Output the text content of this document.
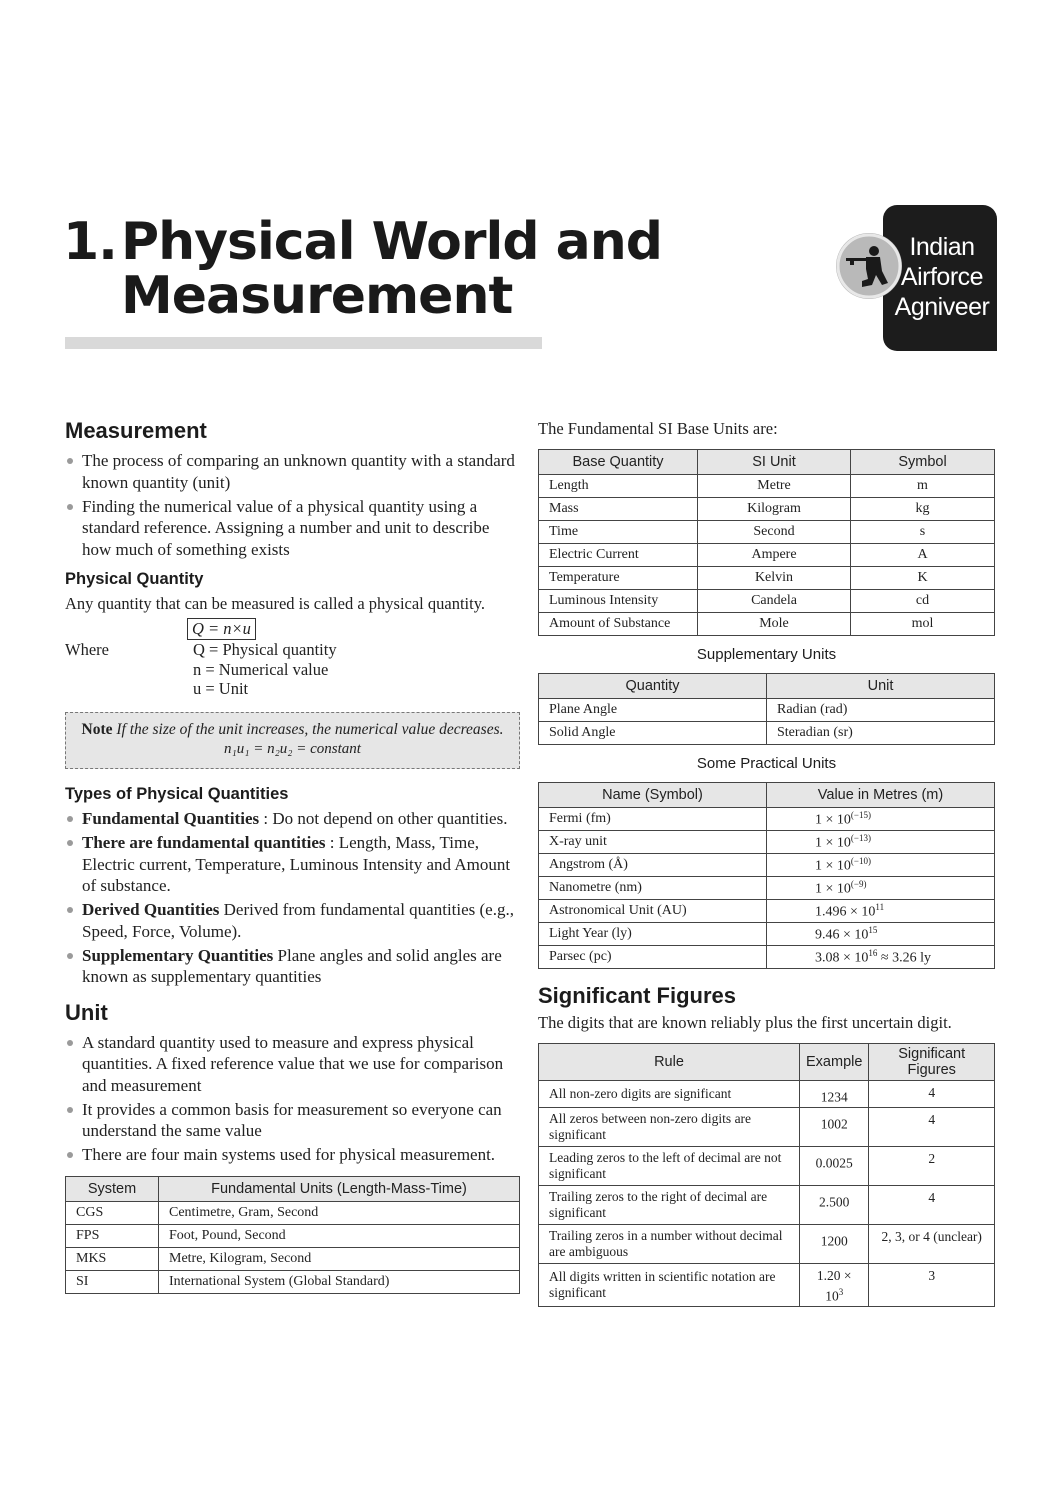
1.Physical World and
Measurement
Indian
Airforce
Agniveer
Measurement
The process of comparing an unknown quantity with a standard known quantity (unit)
Finding the numerical value of a physical quantity using a standard reference. Assigning a number and unit to describe how much of something exists
Physical Quantity

Any quantity that can be measured is called a physical quantity.

Q = n×u
Where	Q = Physical quantity
n = Numerical value
u = Unit
Note If the size of the unit increases, the numerical value decreases.
n₁u₁ = n₂u₂ = constant
Types of Physical Quantities
Fundamental Quantities : Do not depend on other quantities.
There are fundamental quantities : Length, Mass, Time, Electric current, Temperature, Luminous Intensity and Amount of substance.
Derived Quantities Derived from fundamental quantities (e.g., Speed, Force, Volume).
Supplementary Quantities Plane angles and solid angles are known as supplementary quantities
Unit
A standard quantity used to measure and express physical quantities. A fixed reference value that we use for comparison and measurement
It provides a common basis for measurement so everyone can understand the same value
There are four main systems used for physical measurement.
System	Fundamental Units (Length-Mass-Time)
CGS	Centimetre, Gram, Second
FPS	Foot, Pound, Second
MKS	Metre, Kilogram, Second
SI	International System (Global Standard)

The Fundamental SI Base Units are:

Base Quantity	SI Unit	Symbol
Length	Metre	m
Mass	Kilogram	kg
Time	Second	s
Electric Current	Ampere	A
Temperature	Kelvin	K
Luminous Intensity	Candela	cd
Amount of Substance	Mole	mol
Supplementary Units
Quantity	Unit
Plane Angle	Radian (rad)
Solid Angle	Steradian (sr)
Some Practical Units
Name (Symbol)	Value in Metres (m)
Fermi (fm)	$1 \times 10^{(-15)}$
X-ray unit	$1 \times 10^{(-13)}$
Angstrom (Å)	$1 \times 10^{(-10)}$
Nanometre (nm)	$1 \times 10^{(-9)}$
Astronomical Unit (AU)	$1.496 \times 10^{11}$
Light Year (ly)	$9.46 \times 10^{15}$
Parsec (pc)	$3.08 \times 10^{16} \approx 3.26$ ly
Significant Figures

The digits that are known reliably plus the first uncertain digit.

Rule	Example	Significant Figures
All non-zero digits are significant	1234	4
All zeros between non-zero digits are significant	1002	4
Leading zeros to the left of decimal are not significant	0.0025	2
Trailing zeros to the right of decimal are significant	2.500	4
Trailing zeros in a number without decimal are ambiguous	1200	2, 3, or 4 (unclear)
All digits written in scientific notation are significant	$1.20 \times 10^3$	3
